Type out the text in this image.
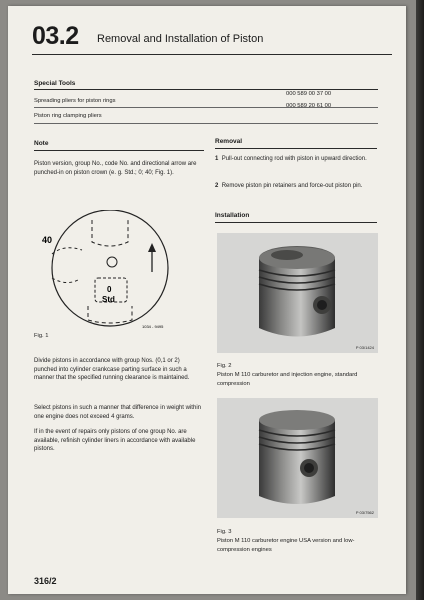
03.2 Removal and Installation of Piston
Special Tools
000 589 00 37 00
Spreading pliers for piston rings
000 589 20 61 00
Piston ring clamping pliers
Note
Piston version, group No., code No. and directional arrow are punched-in on piston crown (e. g. Std.; 0; 40; Fig. 1).
Removal
1 Pull-out connecting rod with piston in upward direction.
2 Remove piston pin retainers and force-out piston pin.
Installation
40
0
Std
1034 - 9495
Fig. 1
Divide pistons in accordance with group Nos. (0,1 or 2) punched into cylinder crankcase parting surface in such a manner that the specified running clearance is maintained.
Select pistons in such a manner that difference in weight within one engine does not exceed 4 grams.
If in the event of repairs only pistons of one group No. are available, refinish cylinder liners in accordance with available pistons.
P 03/1424
Fig. 2
Piston M 110 carburetor and injection engine, standard compression
P 03/7562
Fig. 3
Piston M 110 carburetor engine USA version and low-compression engines
316/2
